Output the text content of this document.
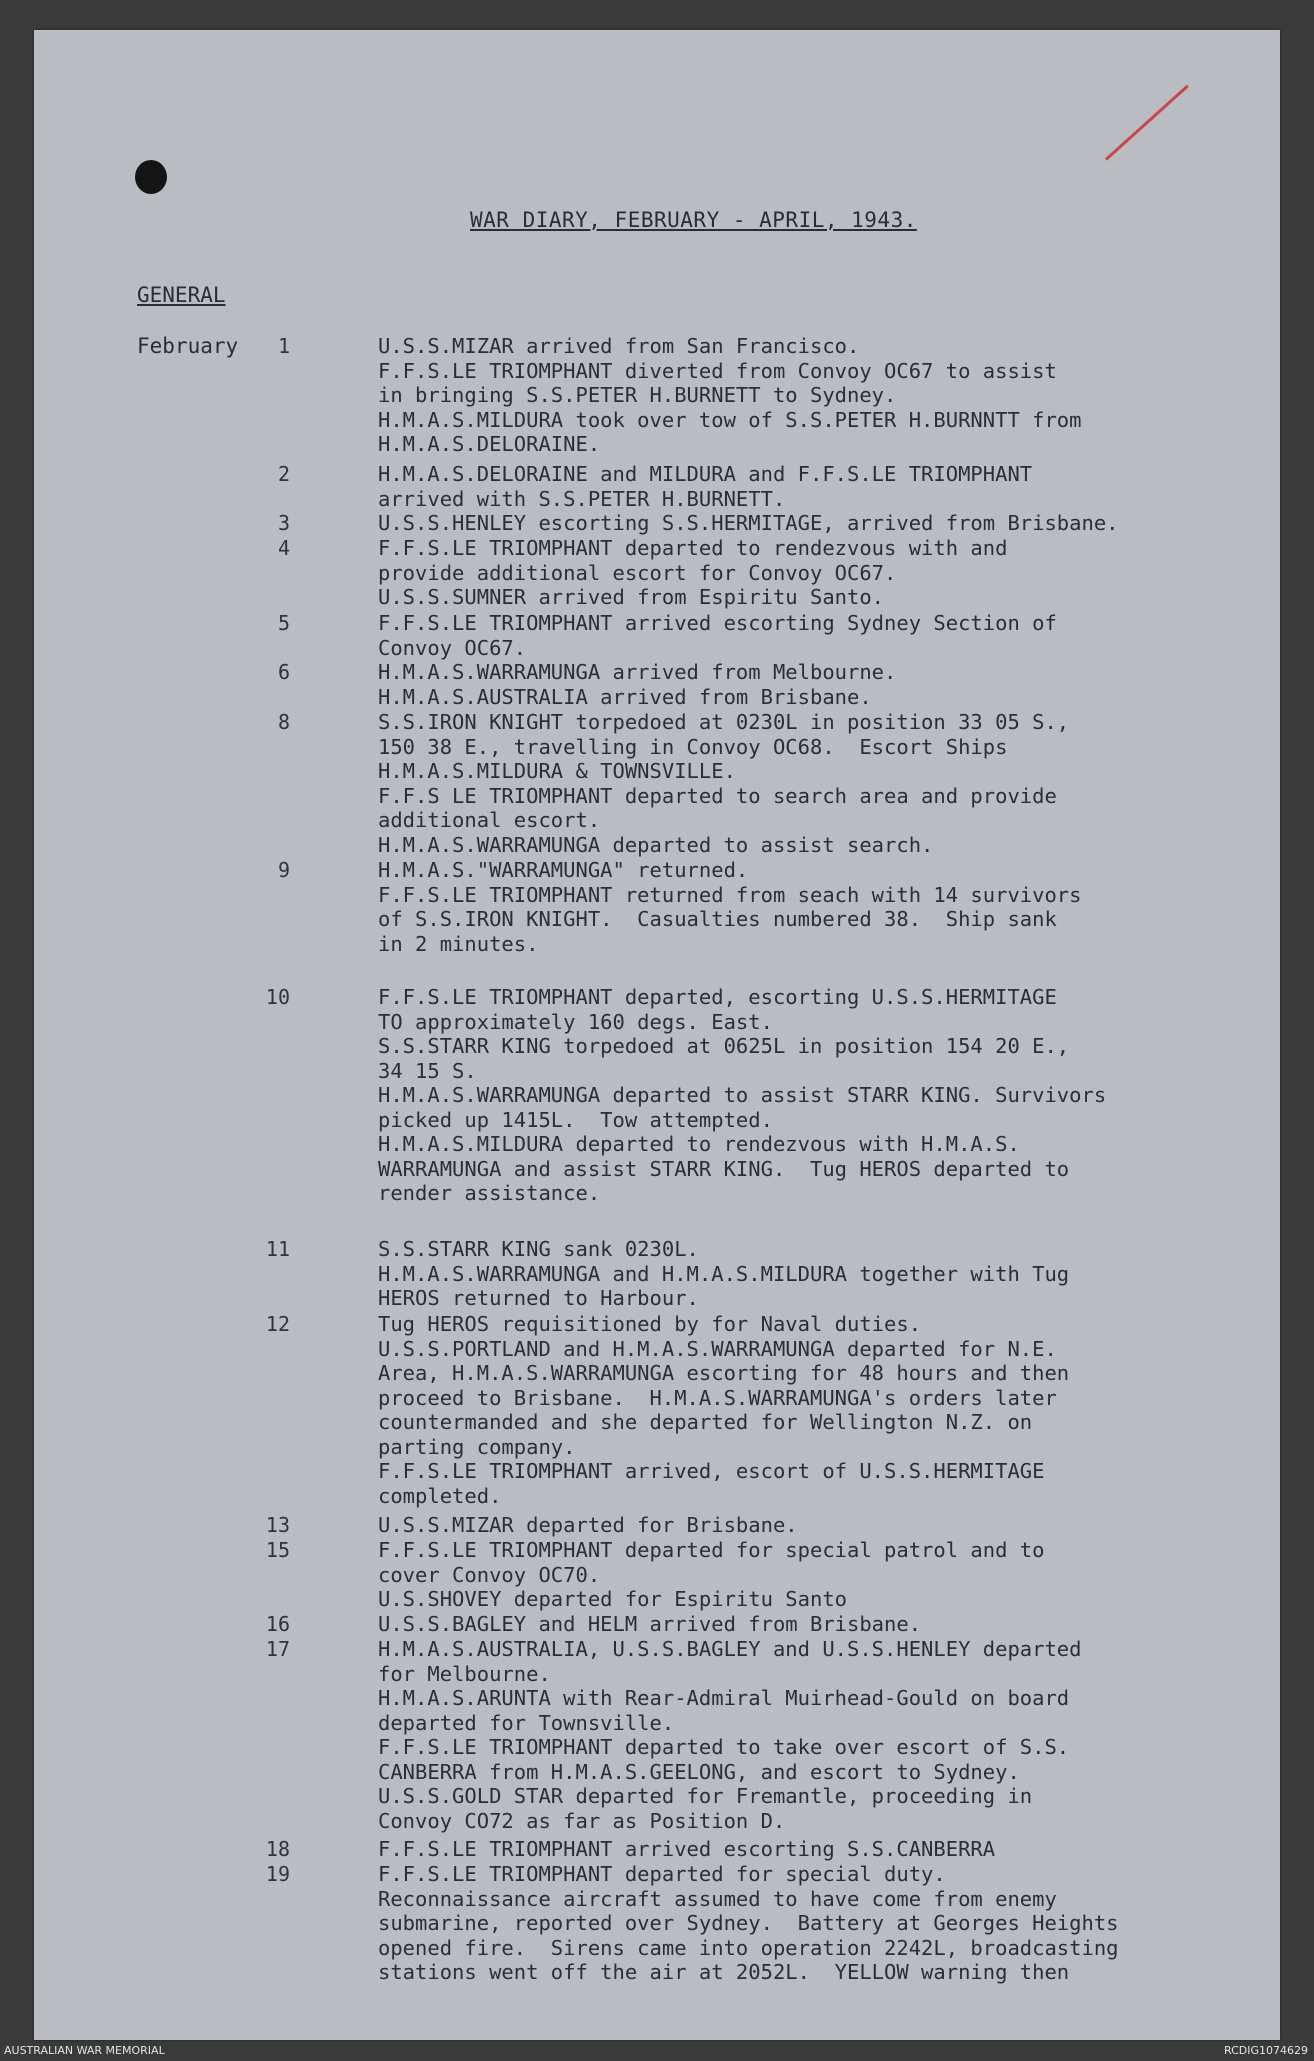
WAR DIARY, FEBRUARY - APRIL, 1943.
GENERAL
February	1	U.S.S.MIZAR arrived from San Francisco.
F.F.S.LE TRIOMPHANT diverted from Convoy OC67 to assist
in bringing S.S.PETER H.BURNETT to Sydney.
H.M.A.S.MILDURA took over tow of S.S.PETER H.BURNNTT from
H.M.A.S.DELORAINE.
2	H.M.A.S.DELORAINE and MILDURA and F.F.S.LE TRIOMPHANT
arrived with S.S.PETER H.BURNETT.
3	U.S.S.HENLEY escorting S.S.HERMITAGE, arrived from Brisbane.
4	F.F.S.LE TRIOMPHANT departed to rendezvous with and
provide additional escort for Convoy OC67.
U.S.S.SUMNER arrived from Espiritu Santo.
5	F.F.S.LE TRIOMPHANT arrived escorting Sydney Section of
Convoy OC67.
6	H.M.A.S.WARRAMUNGA arrived from Melbourne.
H.M.A.S.AUSTRALIA arrived from Brisbane.
8	S.S.IRON KNIGHT torpedoed at 0230L in position 33 05 S.,
150 38 E., travelling in Convoy OC68.  Escort Ships
H.M.A.S.MILDURA & TOWNSVILLE.
F.F.S LE TRIOMPHANT departed to search area and provide
additional escort.
H.M.A.S.WARRAMUNGA departed to assist search.
9	H.M.A.S."WARRAMUNGA" returned.
F.F.S.LE TRIOMPHANT returned from seach with 14 survivors
of S.S.IRON KNIGHT.  Casualties numbered 38.  Ship sank
in 2 minutes.
10	F.F.S.LE TRIOMPHANT departed, escorting U.S.S.HERMITAGE
TO approximately 160 degs. East.
S.S.STARR KING torpedoed at 0625L in position 154 20 E.,
34 15 S.
H.M.A.S.WARRAMUNGA departed to assist STARR KING. Survivors
picked up 1415L.  Tow attempted.
H.M.A.S.MILDURA departed to rendezvous with H.M.A.S.
WARRAMUNGA and assist STARR KING.  Tug HEROS departed to
render assistance.
11	S.S.STARR KING sank 0230L.
H.M.A.S.WARRAMUNGA and H.M.A.S.MILDURA together with Tug
HEROS returned to Harbour.
12	Tug HEROS requisitioned by for Naval duties.
U.S.S.PORTLAND and H.M.A.S.WARRAMUNGA departed for N.E.
Area, H.M.A.S.WARRAMUNGA escorting for 48 hours and then
proceed to Brisbane.  H.M.A.S.WARRAMUNGA's orders later
countermanded and she departed for Wellington N.Z. on
parting company.
F.F.S.LE TRIOMPHANT arrived, escort of U.S.S.HERMITAGE
completed.
13	U.S.S.MIZAR departed for Brisbane.
15	F.F.S.LE TRIOMPHANT departed for special patrol and to
cover Convoy OC70.
U.S.SHOVEY departed for Espiritu Santo
16	U.S.S.BAGLEY and HELM arrived from Brisbane.
17	H.M.A.S.AUSTRALIA, U.S.S.BAGLEY and U.S.S.HENLEY departed
for Melbourne.
H.M.A.S.ARUNTA with Rear-Admiral Muirhead-Gould on board
departed for Townsville.
F.F.S.LE TRIOMPHANT departed to take over escort of S.S.
CANBERRA from H.M.A.S.GEELONG, and escort to Sydney.
U.S.S.GOLD STAR departed for Fremantle, proceeding in
Convoy CO72 as far as Position D.
18	F.F.S.LE TRIOMPHANT arrived escorting S.S.CANBERRA
19	F.F.S.LE TRIOMPHANT departed for special duty.
Reconnaissance aircraft assumed to have come from enemy
submarine, reported over Sydney.  Battery at Georges Heights
opened fire.  Sirens came into operation 2242L, broadcasting
stations went off the air at 2052L.  YELLOW warning then
AUSTRALIAN WAR MEMORIAL	RCDIG1074629
